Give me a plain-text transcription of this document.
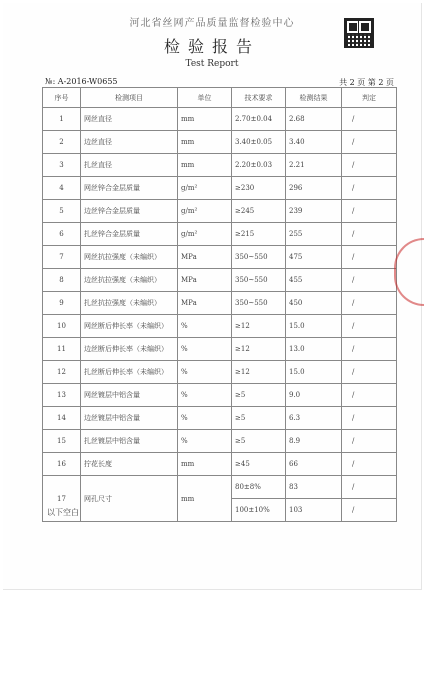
河北省丝网产品质量监督检验中心
检验报告
Test Report
№: A-2016-W0655	共 2 页 第 2 页
序号	检测项目	单位	技术要求	检测结果	判定
1	网丝直径	mm	2.70±0.04	2.68	/
2	边丝直径	mm	3.40±0.05	3.40	/
3	扎丝直径	mm	2.20±0.03	2.21	/
4	网丝锌合金层质量	g/m²	≥230	296	/
5	边丝锌合金层质量	g/m²	≥245	239	/
6	扎丝锌合金层质量	g/m²	≥215	255	/
7	网丝抗拉强度（未编织）	MPa	350~550	475	/
8	边丝抗拉强度（未编织）	MPa	350~550	455	/
9	扎丝抗拉强度（未编织）	MPa	350~550	450	/
10	网丝断后伸长率（未编织）	%	≥12	15.0	/
11	边丝断后伸长率（未编织）	%	≥12	13.0	/
12	扎丝断后伸长率（未编织）	%	≥12	15.0	/
13	网丝镀层中铝含量	%	≥5	9.0	/
14	边丝镀层中铝含量	%	≥5	6.3	/
15	扎丝镀层中铝含量	%	≥5	8.9	/
16	拧花长度	mm	≥45	66	/
17	网孔尺寸	mm	80±8%	83	/
			100±10%	103	/
以下空白
